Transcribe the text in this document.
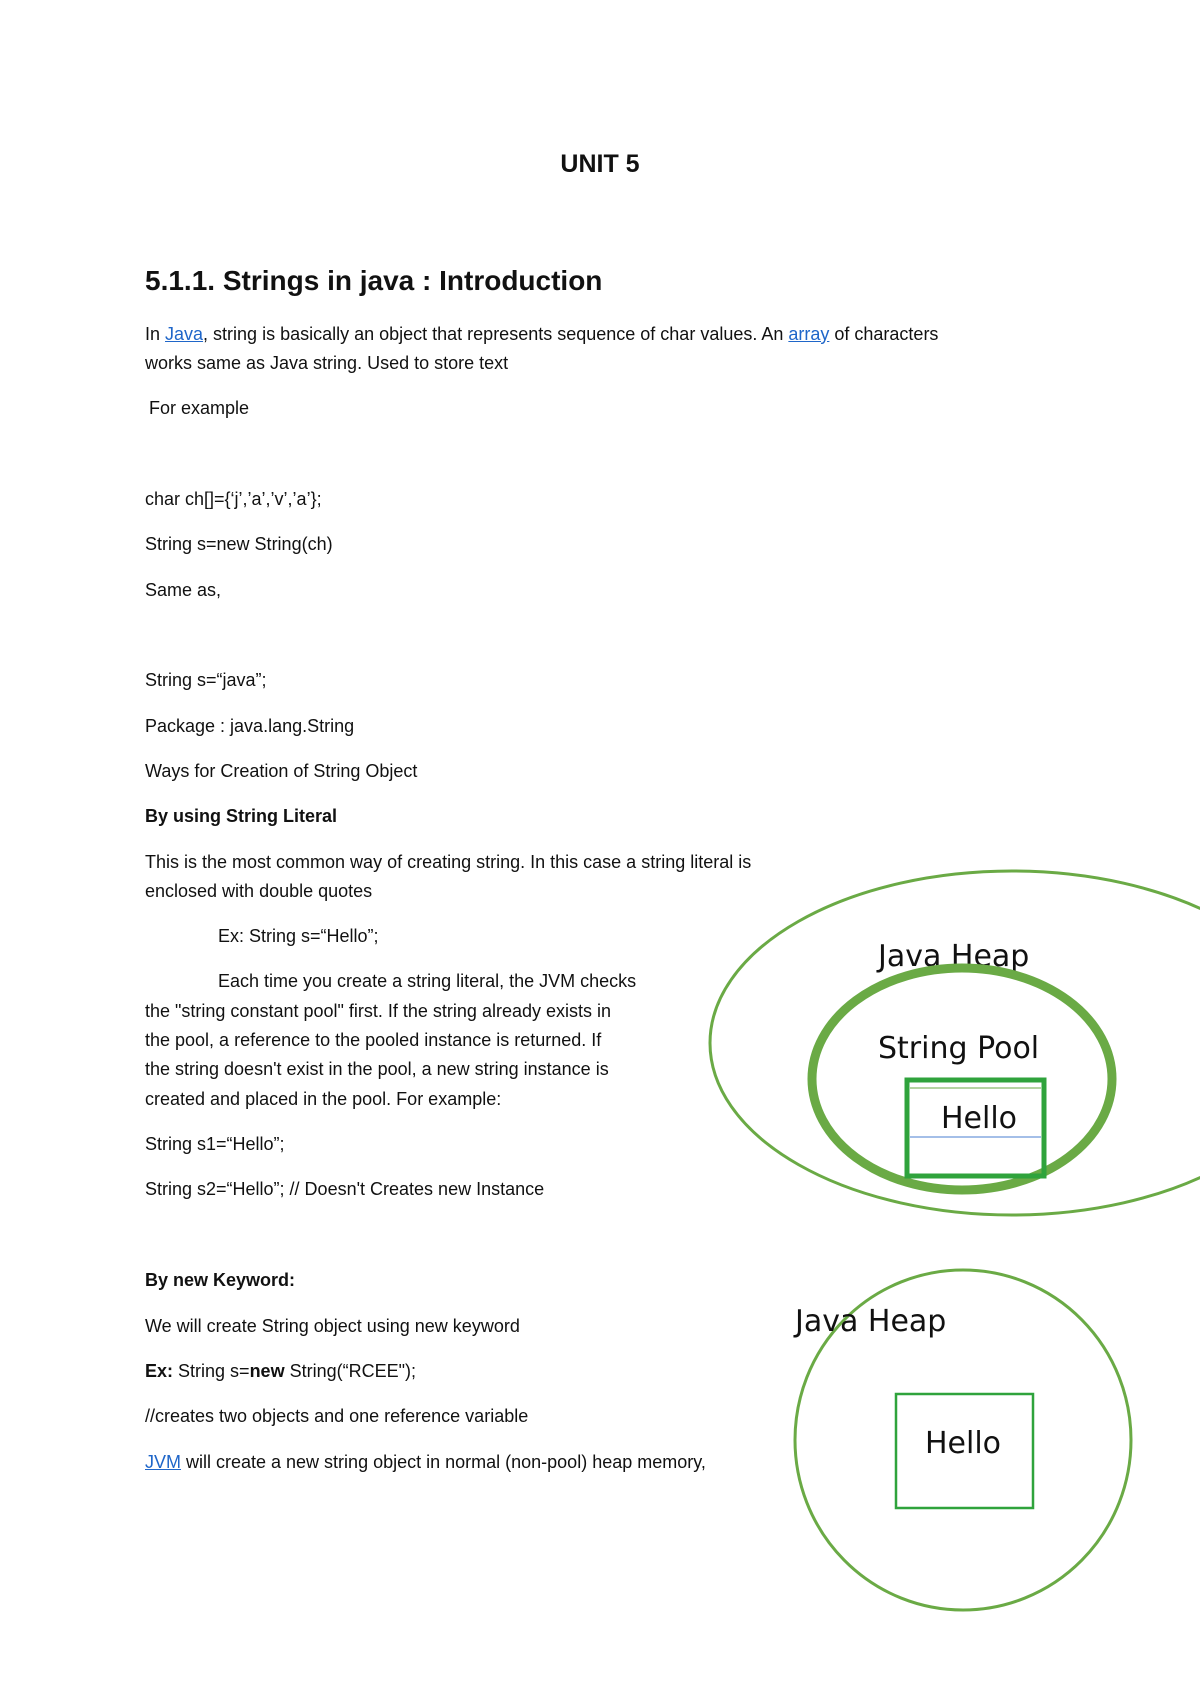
UNIT 5
5.1.1. Strings in java : Introduction
In Java, string is basically an object that represents sequence of char values. An array of characters
works same as Java string. Used to store text
For example
char ch[]={‘j’,’a’,’v’,’a’};
String s=new String(ch)
Same as,
String s=“java”;
Package : java.lang.String
Ways for Creation of String Object
By using String Literal
This is the most common way of creating string. In this case a string literal is
enclosed with double quotes
Ex: String s=“Hello”;
Each time you create a string literal, the JVM checks
the "string constant pool" first. If the string already exists in
the pool, a reference to the pooled instance is returned. If
the string doesn't exist in the pool, a new string instance is
created and placed in the pool. For example:
String s1=“Hello”;
String s2=“Hello”; // Doesn't Creates new Instance
By new Keyword:
We will create String object using new keyword
Ex: String s=new String(“RCEE");
//creates two objects and one reference variable
JVM will create a new string object in normal (non-pool) heap memory,
Java Heap
String Pool
Hello
Java Heap
Hello
